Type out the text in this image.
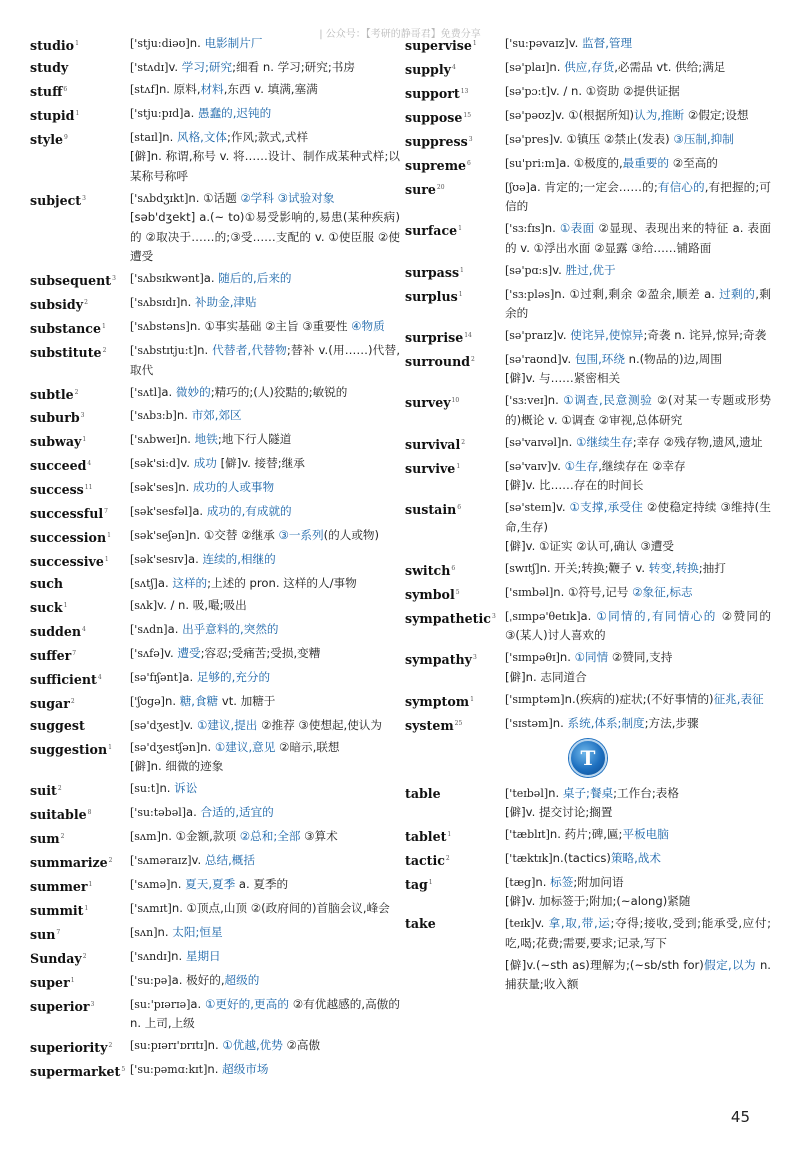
| 公众号：【考研的静哥君】免费分享
studio$^1$	['stju:diəʊ]n. 电影制片厂
study	['stʌdɪ]v. 学习;研究;细看 n. 学习;研究;书房
stuff$^6$	[stʌf]n. 原料,材料,东西 v. 填满,塞满
stupid$^1$	['stju:pɪd]a. 愚蠢的,迟钝的
style$^9$	[staɪl]n. 风格,文体;作风;款式,式样
[僻]n. 称谓,称号 v. 将……设计、制作成某种式样;以某称号称呼
subject$^3$	['sʌbdʒɪkt]n. ①话题 ②学科 ③试验对象
[səb'dʒekt] a.(~ to)①易受影响的,易患(某种疾病)的 ②取决于……的;③受……支配的 v. ①使臣服 ②使遭受
subsequent$^3$	['sʌbsɪkwənt]a. 随后的,后来的
subsidy$^2$	['sʌbsɪdɪ]n. 补助金,津贴
substance$^1$	['sʌbstəns]n. ①事实基础 ②主旨 ③重要性 ④物质
substitute$^2$	['sʌbstɪtju:t]n. 代替者,代替物;替补 v.(用……)代替,取代
subtle$^2$	['sʌtl]a. 微妙的;精巧的;(人)狡黠的;敏锐的
suburb$^3$	['sʌbɜ:b]n. 市郊,郊区
subway$^1$	['sʌbweɪ]n. 地铁;地下行人隧道
succeed$^4$	[sək'si:d]v. 成功 [僻]v. 接替;继承
success$^{11}$	[sək'ses]n. 成功的人或事物
successful$^7$	[sək'sesfəl]a. 成功的,有成就的
succession$^1$	[sək'seʃən]n. ①交替 ②继承 ③一系列(的人或物)
successive$^1$	[sək'sesɪv]a. 连续的,相继的
such	[sʌtʃ]a. 这样的;上述的 pron. 这样的人/事物
suck$^1$	[sʌk]v. / n. 吸,嘬;吸出
sudden$^4$	['sʌdn]a. 出乎意料的,突然的
suffer$^7$	['sʌfə]v. 遭受;容忍;受痛苦;受损,变糟
sufficient$^4$	[sə'fɪʃənt]a. 足够的,充分的
sugar$^2$	['ʃʊgə]n. 糖,食糖 vt. 加糖于
suggest	[sə'dʒest]v. ①建议,提出 ②推荐 ③使想起,使认为
suggestion$^1$	[sə'dʒestʃən]n. ①建议,意见 ②暗示,联想
[僻]n. 细微的迹象
suit$^2$	[su:t]n. 诉讼
suitable$^8$	['su:təbəl]a. 合适的,适宜的
sum$^2$	[sʌm]n. ①金额,款项 ②总和;全部 ③算术
summarize$^2$	['sʌməraɪz]v. 总结,概括
summer$^1$	['sʌmə]n. 夏天,夏季 a. 夏季的
summit$^1$	['sʌmɪt]n. ①顶点,山顶 ②(政府间的)首脑会议,峰会
sun$^7$	[sʌn]n. 太阳;恒星
Sunday$^2$	['sʌndɪ]n. 星期日
super$^1$	['su:pə]a. 极好的,超级的
superior$^3$	[su:'pɪərɪə]a. ①更好的,更高的 ②有优越感的,高傲的 n. 上司,上级
superiority$^2$	[su:pɪərɪ'ɒrɪtɪ]n. ①优越,优势 ②高傲
supermarket$^5$ ['su:pəmɑ:kɪt]n. 超级市场
supervise$^1$	['su:pəvaɪz]v. 监督,管理
supply$^4$	[sə'plaɪ]n. 供应,存货,必需品 vt. 供给;满足
support$^{13}$	[sə'pɔ:t]v. / n. ①资助 ②提供证据
suppose$^{15}$	[sə'pəʊz]v. ①(根据所知)认为,推断 ②假定;设想
suppress$^3$	[sə'pres]v. ①镇压 ②禁止(发表) ③压制,抑制
supreme$^6$	[su'pri:m]a. ①极度的,最重要的 ②至高的
sure$^{20}$	[ʃʊə]a. 肯定的;一定会……的;有信心的,有把握的;可信的
surface$^1$	['sɜ:fɪs]n. ①表面 ②显现、表现出来的特征 a. 表面的 v. ①浮出水面 ②显露 ③给……铺路面
surpass$^1$	[sə'pɑ:s]v. 胜过,优于
surplus$^1$	['sɜ:pləs]n. ①过剩,剩余 ②盈余,顺差 a. 过剩的,剩余的
surprise$^{14}$	[sə'praɪz]v. 使诧异,使惊异;奇袭 n. 诧异,惊异;奇袭
surround$^2$	[sə'raʊnd]v. 包围,环绕 n.(物品的)边,周围
[僻]v. 与……紧密相关
survey$^{10}$	['sɜ:veɪ]n. ①调查,民意测验 ②(对某一专题或形势的)概论 v. ①调查 ②审视,总体研究
survival$^2$	[sə'vaɪvəl]n. ①继续生存;幸存 ②残存物,遗风,遗址
survive$^1$	[sə'vaɪv]v. ①生存,继续存在 ②幸存
[僻]v. 比……存在的时间长
sustain$^6$	[sə'steɪn]v. ①支撑,承受住 ②使稳定持续 ③维持(生命,生存)
[僻]v. ①证实 ②认可,确认 ③遭受
switch$^6$	[swɪtʃ]n. 开关;转换;鞭子 v. 转变,转换;抽打
symbol$^5$	['sɪmbəl]n. ①符号,记号 ②象征,标志
sympathetic$^3$ [ˌsɪmpə'θetɪk]a. ①同情的,有同情心的 ②赞同的 ③(某人)讨人喜欢的
sympathy$^3$	['sɪmpəθɪ]n. ①同情 ②赞同,支持
[僻]n. 志同道合
symptom$^1$	['sɪmptəm]n.(疾病的)症状;(不好事情的)征兆,表征
system$^{25}$	['sɪstəm]n. 系统,体系;制度;方法,步骤
T
table	['teɪbəl]n. 桌子;餐桌;工作台;表格
[僻]v. 提交讨论;搁置
tablet$^1$	['tæblɪt]n. 药片;碑,匾;平板电脑
tactic$^2$	['tæktɪk]n.(tactics)策略,战术
tag$^1$	[tæg]n. 标签;附加问语
[僻]v. 加标签于;附加;(~along)紧随
take	[teɪk]v. 拿,取,带,运;夺得;接收,受到;能承受,应付;吃,喝;花费;需要,要求;记录,写下
[僻]v.(~sth as)理解为;(~sb/sth for)假定,以为 n. 捕获量;收入额
45
